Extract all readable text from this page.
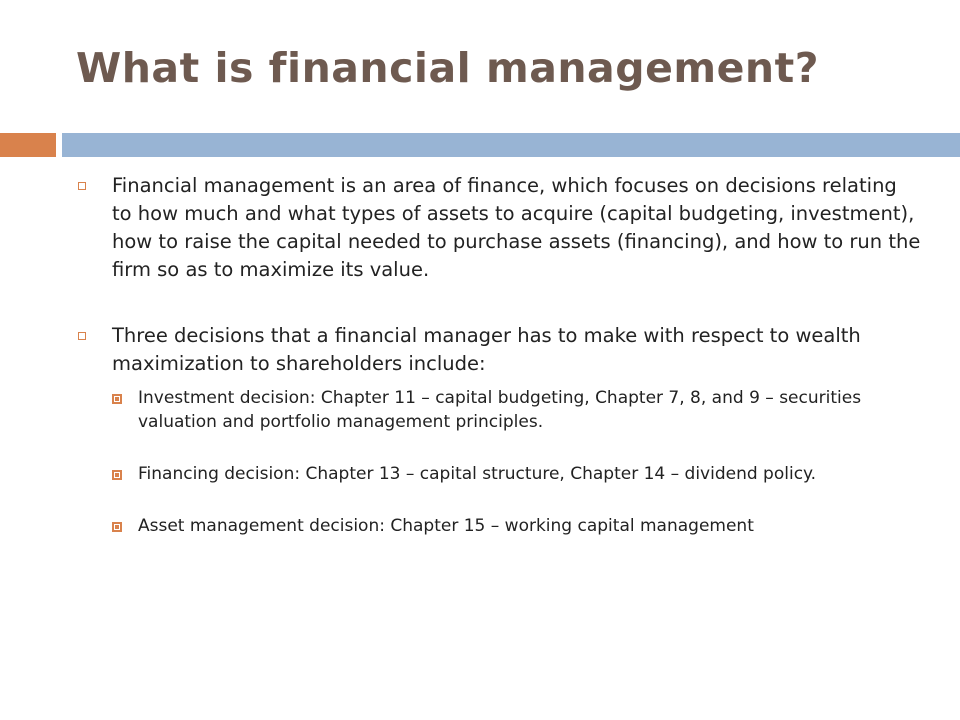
What is financial management?
Financial management is an area of finance, which focuses on decisions relating to how much and what types of assets to acquire (capital budgeting, investment), how to raise the capital needed to purchase assets (financing), and how to run the firm so as to maximize its value.
Three decisions that a financial manager has to make with respect to wealth maximization to shareholders include:
Investment decision: Chapter 11 – capital budgeting, Chapter 7, 8, and 9 – securities valuation and portfolio management principles.
Financing decision: Chapter 13 – capital structure, Chapter 14 – dividend policy.
Asset management decision: Chapter 15 – working capital management
